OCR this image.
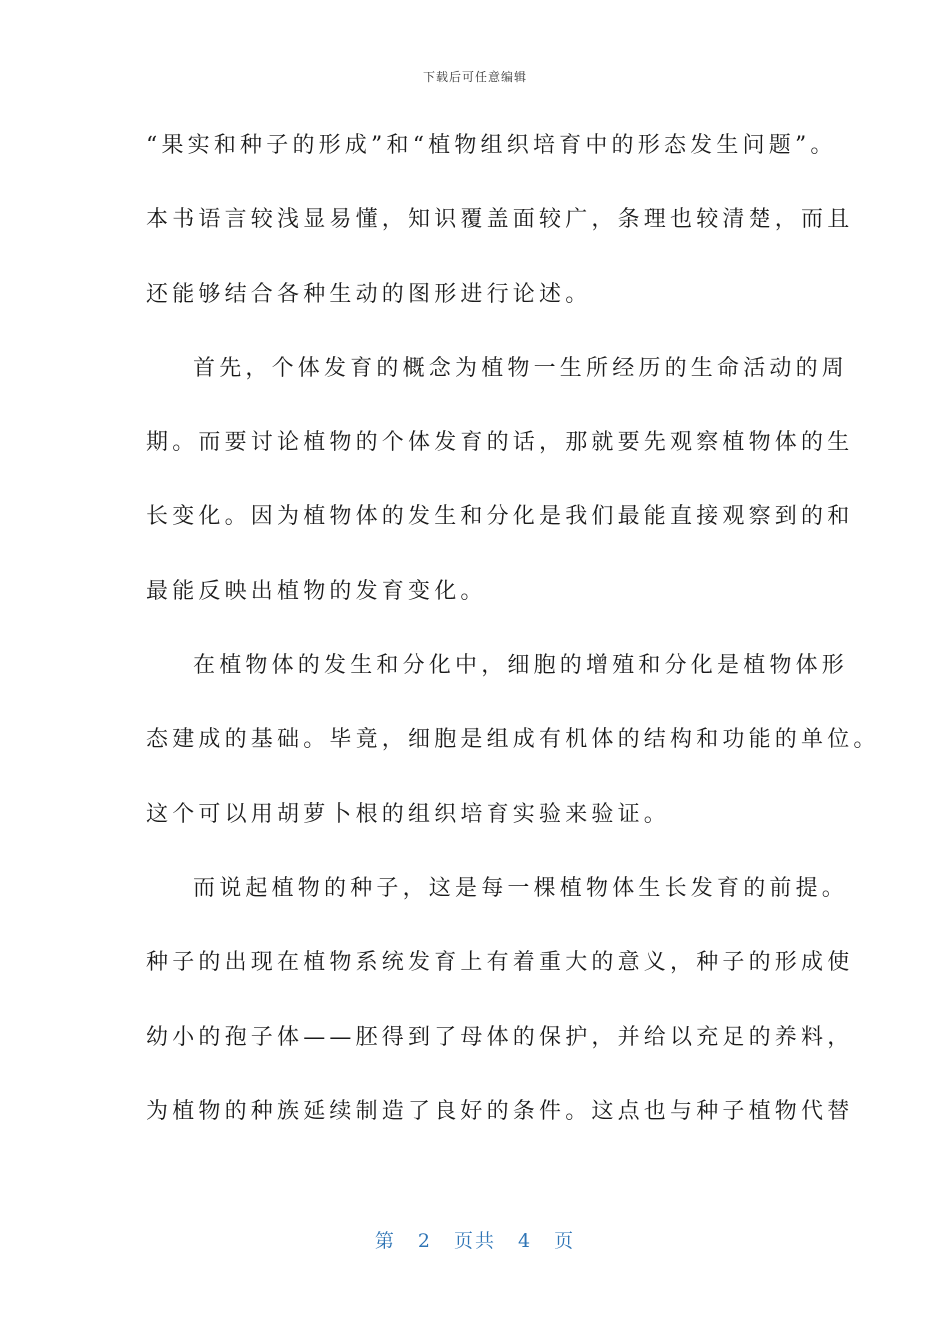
下载后可任意编辑
“果实和种子的形成”和“植物组织培育中的形态发生问题”。
本书语言较浅显易懂，知识覆盖面较广，条理也较清楚，而且
还能够结合各种生动的图形进行论述。
首先，个体发育的概念为植物一生所经历的生命活动的周
期。而要讨论植物的个体发育的话，那就要先观察植物体的生
长变化。因为植物体的发生和分化是我们最能直接观察到的和
最能反映出植物的发育变化。
在植物体的发生和分化中，细胞的增殖和分化是植物体形
态建成的基础。毕竟，细胞是组成有机体的结构和功能的单位。
这个可以用胡萝卜根的组织培育实验来验证。
而说起植物的种子，这是每一棵植物体生长发育的前提。
种子的出现在植物系统发育上有着重大的意义，种子的形成使
幼小的孢子体——胚得到了母体的保护，并给以充足的养料，
为植物的种族延续制造了良好的条件。这点也与种子植物代替
第 2 页共 4 页
